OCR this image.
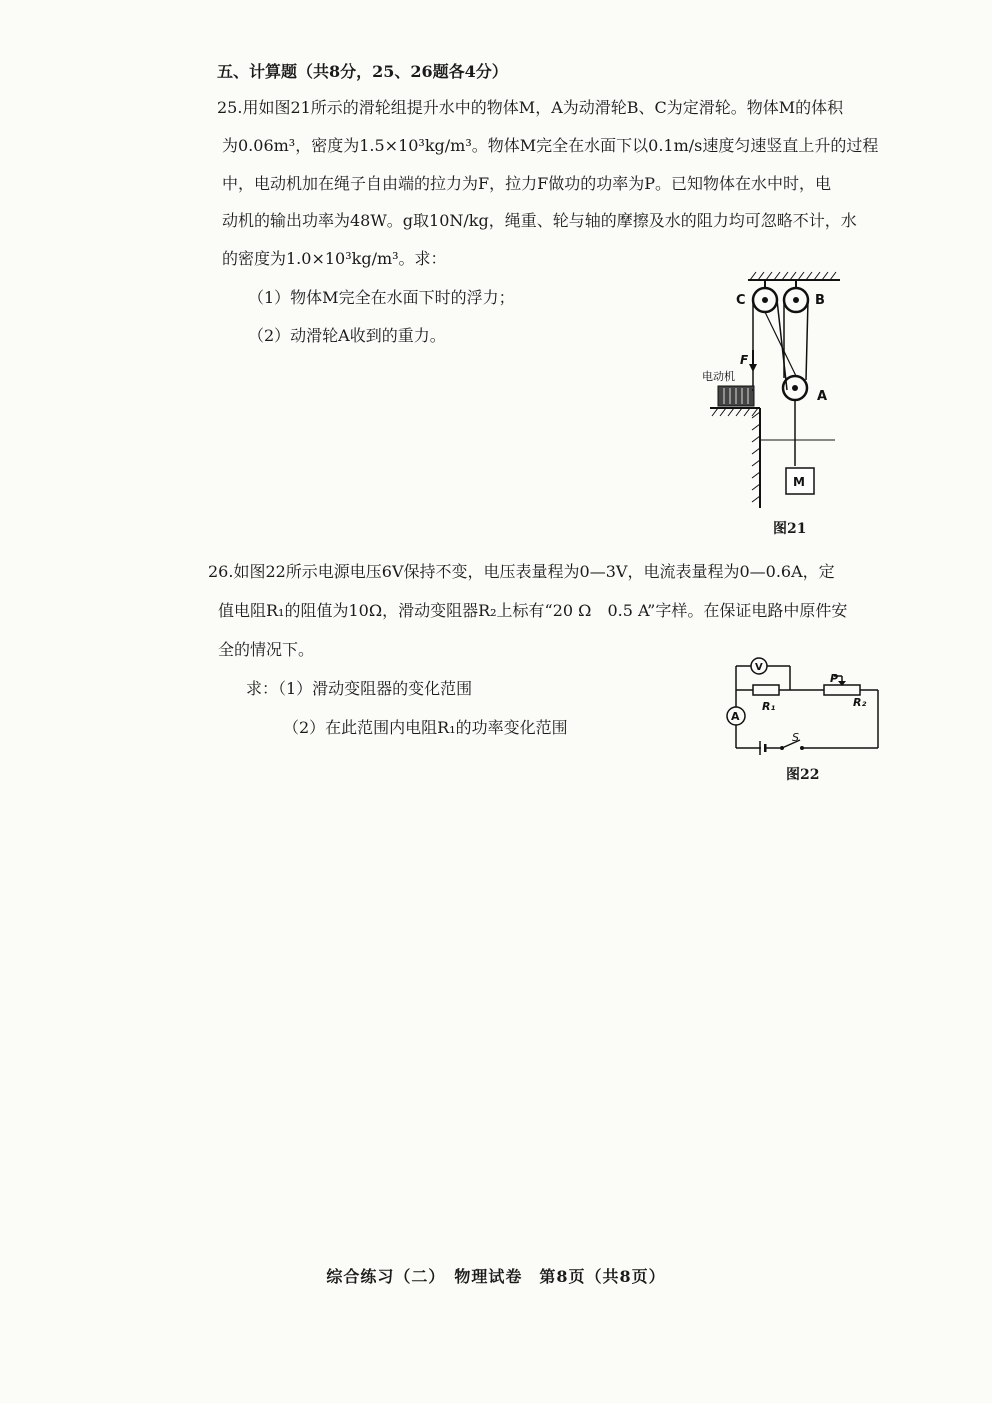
五、计算题（共8分，25、26题各4分）
25.用如图21所示的滑轮组提升水中的物体M，A为动滑轮B、C为定滑轮。物体M的体积
为0.06m³，密度为1.5×10³kg/m³。物体M完全在水面下以0.1m/s速度匀速竖直上升的过程
中，电动机加在绳子自由端的拉力为F，拉力F做功的功率为P。已知物体在水中时，电
动机的输出功率为48W。g取10N/kg，绳重、轮与轴的摩擦及水的阻力均可忽略不计，水
的密度为1.0×10³kg/m³。求：
（1）物体M完全在水面下时的浮力；
（2）动滑轮A收到的重力。
C	B
A
F
电动机
M
图21
26.如图22所示电源电压6V保持不变，电压表量程为0—3V，电流表量程为0—0.6A，定
值电阻R₁的阻值为10Ω，滑动变阻器R₂上标有“20 Ω　0.5 A”字样。在保证电路中原件安
全的情况下。
求：（1）滑动变阻器的变化范围
（2）在此范围内电阻R₁的功率变化范围
V
A
R₁	R₂
P
S
图22
综合练习（二）　物理试卷　第8页（共8页）
